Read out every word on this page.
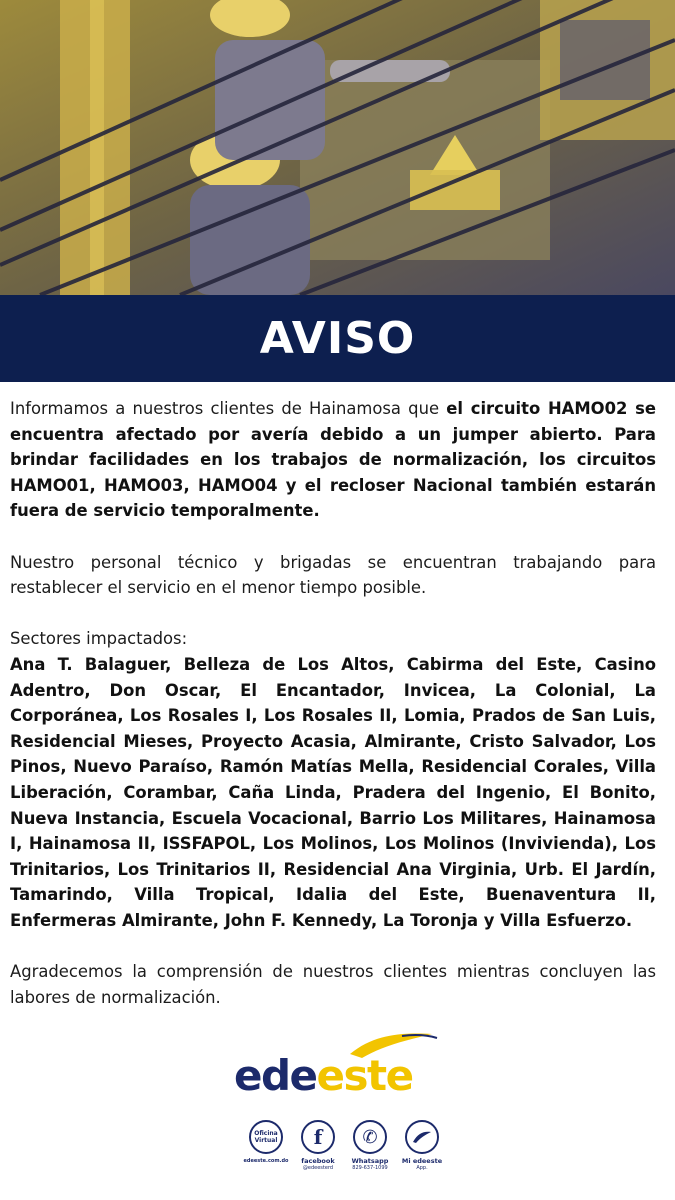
AVISO

Informamos a nuestros clientes de Hainamosa que el circuito HAMO02 se encuentra afectado por avería debido a un jumper abierto. Para brindar facilidades en los trabajos de normalización, los circuitos HAMO01, HAMO03, HAMO04 y el recloser Nacional también estarán fuera de servicio temporalmente.

Nuestro personal técnico y brigadas se encuentran trabajando para restablecer el servicio en el menor tiempo posible.

Sectores impactados:

Ana T. Balaguer, Belleza de Los Altos, Cabirma del Este, Casino Adentro, Don Oscar, El Encantador, Invicea, La Colonial, La Corporánea, Los Rosales I, Los Rosales II, Lomia, Prados de San Luis, Residencial Mieses, Proyecto Acasia, Almirante, Cristo Salvador, Los Pinos, Nuevo Paraíso, Ramón Matías Mella, Residencial Corales, Villa Liberación, Corambar, Caña Linda, Pradera del Ingenio, El Bonito, Nueva Instancia, Escuela Vocacional, Barrio Los Militares, Hainamosa I, Hainamosa II, ISSFAPOL, Los Molinos, Los Molinos (Invivienda), Los Trinitarios, Los Trinitarios II, Residencial Ana Virginia, Urb. El Jardín, Tamarindo, Villa Tropical, Idalia del Este, Buenaventura II, Enfermeras Almirante, John F. Kennedy, La Toronja y Villa Esfuerzo.

Agradecemos la comprensión de nuestros clientes mientras concluyen las labores de normalización.

edeeste
Oficina
Virtual
edeeste.com.do
f
facebook
@edeesterd
✆
Whatsapp
829-637-1099
Mi edeeste
App.
